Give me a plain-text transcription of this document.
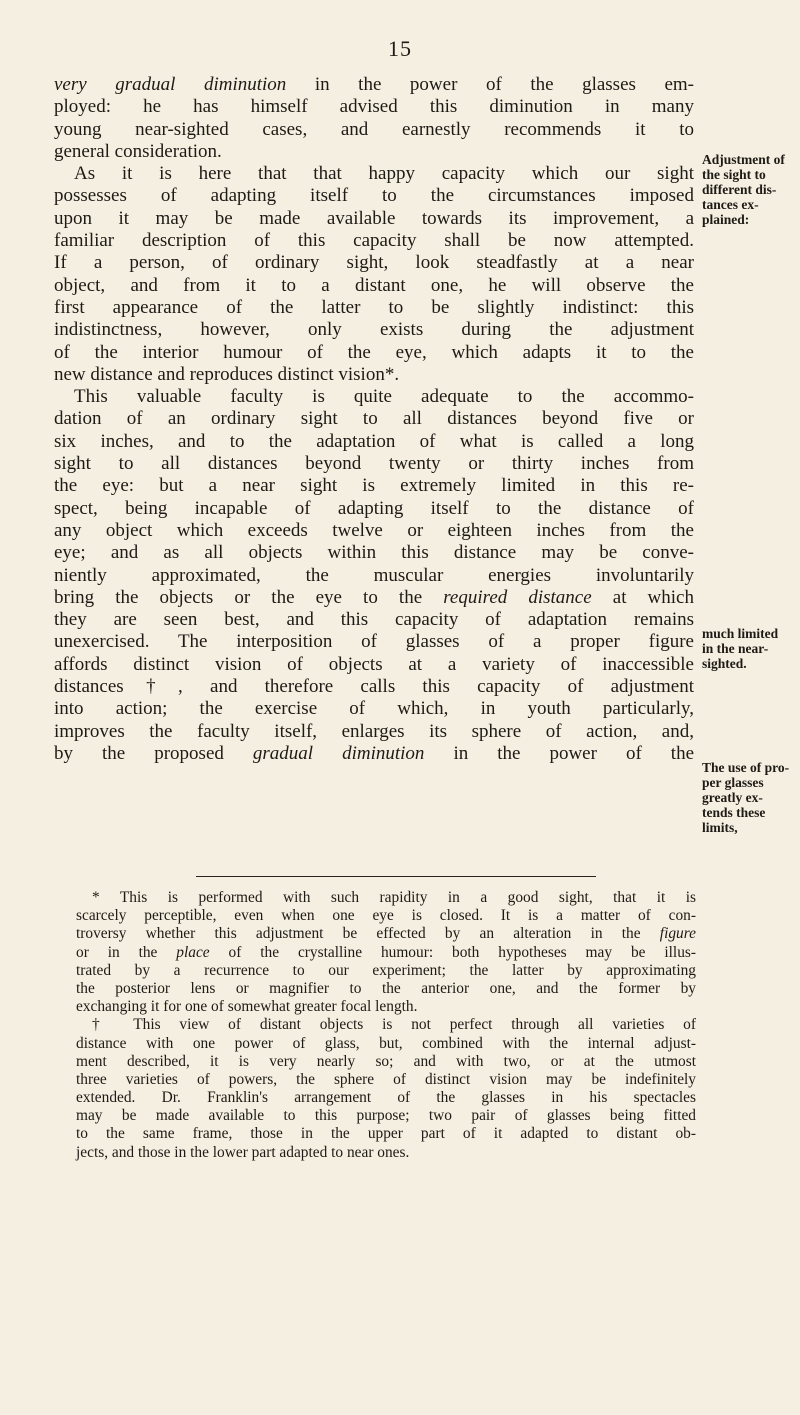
15
very gradual diminution in the power of the glasses em-
ployed: he has himself advised this diminution in many
young near-sighted cases, and earnestly recommends it to
general consideration.
As it is here that that happy capacity which our sight
possesses of adapting itself to the circumstances imposed
upon it may be made available towards its improvement, a
familiar description of this capacity shall be now attempted.
If a person, of ordinary sight, look steadfastly at a near
object, and from it to a distant one, he will observe the
first appearance of the latter to be slightly indistinct: this
indistinctness, however, only exists during the adjustment
of the interior humour of the eye, which adapts it to the
new distance and reproduces distinct vision*.
This valuable faculty is quite adequate to the accommo-
dation of an ordinary sight to all distances beyond five or
six inches, and to the adaptation of what is called a long
sight to all distances beyond twenty or thirty inches from
the eye: but a near sight is extremely limited in this re-
spect, being incapable of adapting itself to the distance of
any object which exceeds twelve or eighteen inches from the
eye; and as all objects within this distance may be conve-
niently approximated, the muscular energies involuntarily
bring the objects or the eye to the required distance at which
they are seen best, and this capacity of adaptation remains
unexercised. The interposition of glasses of a proper figure
affords distinct vision of objects at a variety of inaccessible
distances†, and therefore calls this capacity of adjustment
into action; the exercise of which, in youth particularly,
improves the faculty itself, enlarges its sphere of action, and,
by the proposed gradual diminution in the power of the
Adjustment of
the sight to
different dis-
tances ex-
plained:
much limited
in the near-
sighted.
The use of pro-
per glasses
greatly ex-
tends these
limits,
* This is performed with such rapidity in a good sight, that it is
scarcely perceptible, even when one eye is closed. It is a matter of con-
troversy whether this adjustment be effected by an alteration in the figure
or in the place of the crystalline humour: both hypotheses may be illus-
trated by a recurrence to our experiment; the latter by approximating
the posterior lens or magnifier to the anterior one, and the former by
exchanging it for one of somewhat greater focal length.
† This view of distant objects is not perfect through all varieties of
distance with one power of glass, but, combined with the internal adjust-
ment described, it is very nearly so; and with two, or at the utmost
three varieties of powers, the sphere of distinct vision may be indefinitely
extended. Dr. Franklin's arrangement of the glasses in his spectacles
may be made available to this purpose; two pair of glasses being fitted
to the same frame, those in the upper part of it adapted to distant ob-
jects, and those in the lower part adapted to near ones.
